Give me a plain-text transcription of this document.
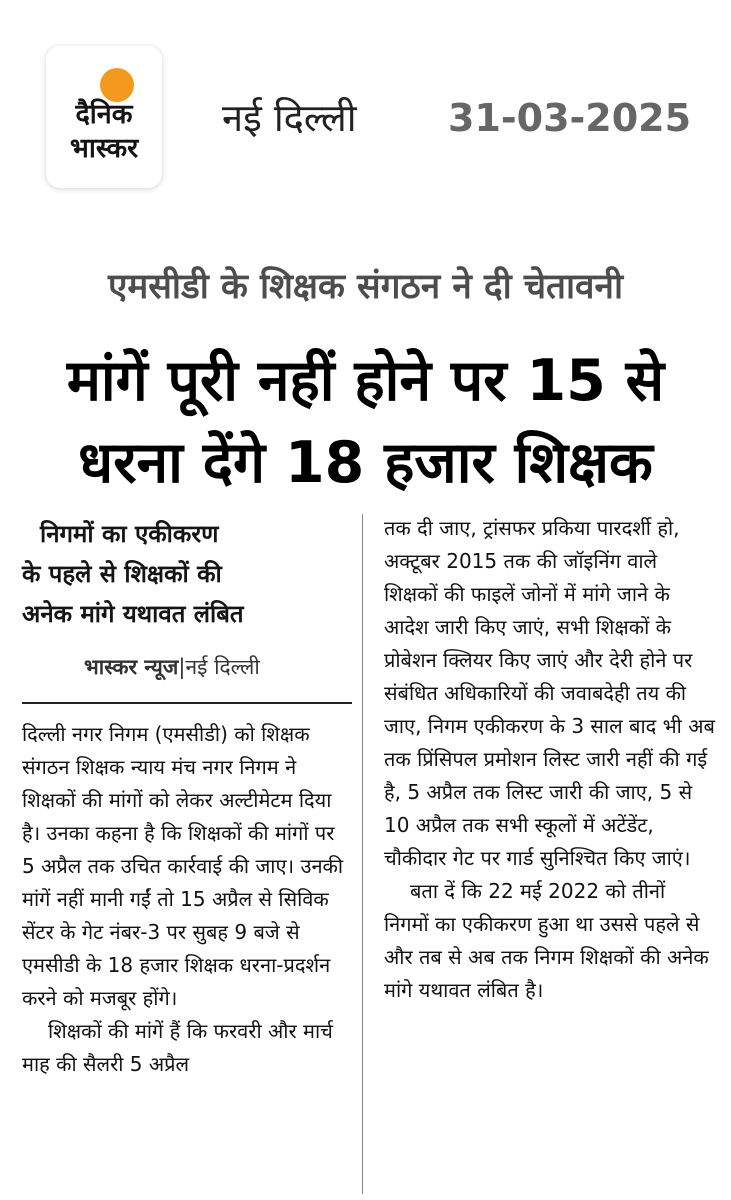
दैनिक
भास्कर
नई दिल्ली 31-03-2025
एमसीडी के शिक्षक संगठन ने दी चेतावनी
मांगें पूरी नहीं होने पर 15 से
धरना देंगे 18 हजार शिक्षक
निगमों का एकीकरण
के पहले से शिक्षकों की
अनेक मांगे यथावत लंबित
भास्कर न्यूज|नई दिल्ली

दिल्ली नगर निगम (एमसीडी) को शिक्षक संगठन शिक्षक न्याय मंच नगर निगम ने शिक्षकों की मांगों को लेकर अल्टीमेटम दिया है। उनका कहना है कि शिक्षकों की मांगों पर 5 अप्रैल तक उचित कार्रवाई की जाए। उनकी मांगें नहीं मानी गईं तो 15 अप्रैल से सिविक सेंटर के गेट नंबर-3 पर सुबह 9 बजे से एमसीडी के 18 हजार शिक्षक धरना-प्रदर्शन करने को मजबूर होंगे।

शिक्षकों की मांगें हैं कि फरवरी और मार्च माह की सैलरी 5 अप्रैल

तक दी जाए, ट्रांसफर प्रकिया पारदर्शी हो, अक्टूबर 2015 तक की जॉइनिंग वाले शिक्षकों की फाइलें जोनों में मांगे जाने के आदेश जारी किए जाएं, सभी शिक्षकों के प्रोबेशन क्लियर किए जाएं और देरी होने पर संबंधित अधिकारियों की जवाबदेही तय की जाए, निगम एकीकरण के 3 साल बाद भी अब तक प्रिंसिपल प्रमोशन लिस्ट जारी नहीं की गई है, 5 अप्रैल तक लिस्ट जारी की जाए, 5 से 10 अप्रैल तक सभी स्कूलों में अटेंडेंट, चौकीदार गेट पर गार्ड सुनिश्चित किए जाएं।

बता दें कि 22 मई 2022 को तीनों निगमों का एकीकरण हुआ था उससे पहले से और तब से अब तक निगम शिक्षकों की अनेक मांगे यथावत लंबित है।
